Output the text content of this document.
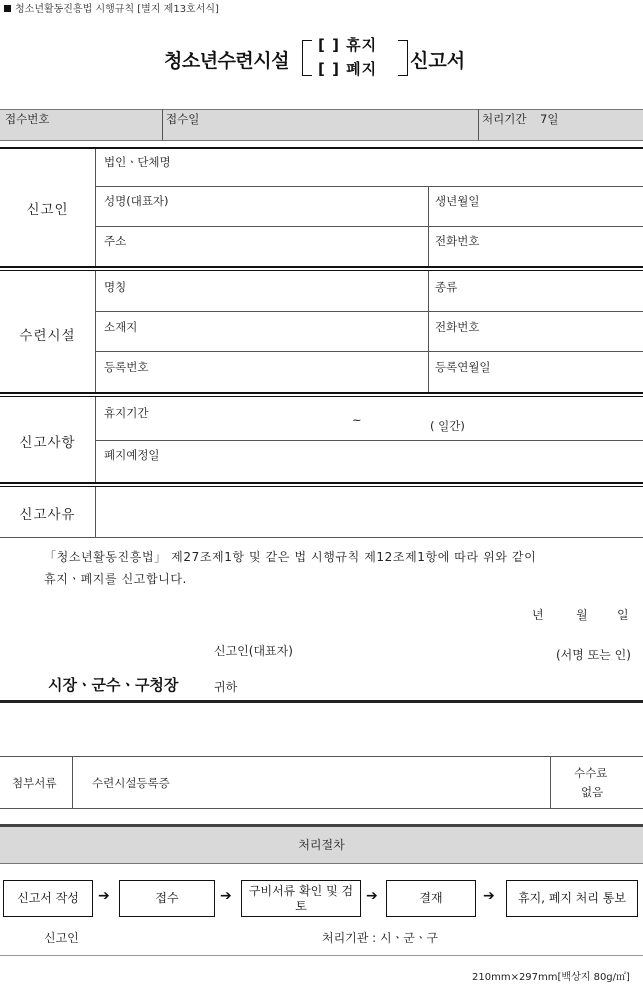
청소년활동진흥법 시행규칙 [별지 제13호서식]
청소년수련시설
[ ] 휴지
[ ] 폐지 신고서
접수번호	접수일	처리기간 7일
신고인
법인ㆍ단체명
성명(대표자)	생년월일
주소	전화번호
수련시설
명칭	종류
소재지	전화번호
등록번호	등록연월일
신고사항
휴지기간	~	( 일간)
폐지예정일
신고사유
「청소년활동진흥법」 제27조제1항 및 같은 법 시행규칙 제12조제1항에 따라 위와 같이
휴지ㆍ폐지를 신고합니다.
년	월 일
신고인(대표자)	(서명 또는 인)
시장ㆍ군수ㆍ구청장	귀하
첨부서류	수련시설등록증
수수료
없음
처리절차
신고서 작성	➔	접수	➔	구비서류 확인 및 검토
➔	결재	➔	휴지, 폐지 처리 통보
신고인	처리기관 : 시ㆍ군ㆍ구
210mm×297mm[백상지 80g/㎡]
